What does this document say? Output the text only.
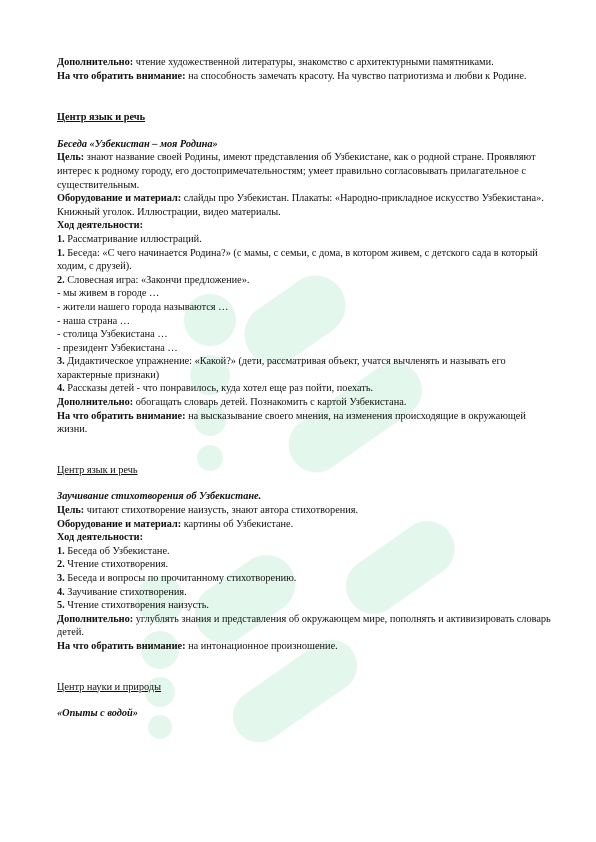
Дополнительно: чтение художественной литературы, знакомство с архитектурными памятниками.
На что обратить внимание: на способность замечать красоту. На чувство патриотизма и любви к Родине.
Центр язык и речь
Беседа «Узбекистан – моя Родина»
Цель: знают название своей Родины, имеют представления об Узбекистане, как о родной стране. Проявляют интерес к родному городу, его достопримечательностям; умеет правильно согласовывать прилагательное с существительным.
Оборудование и материал: слайды про Узбекистан. Плакаты: «Народно-прикладное искусство Узбекистана». Книжный уголок. Иллюстрации, видео материалы.
Ход деятельности:
1. Рассматривание иллюстраций.
1. Беседа: «С чего начинается Родина?» (с мамы, с семьи, с дома, в котором живем, с детского сада в который ходим, с друзей).
2. Словесная игра: «Закончи предложение».
- мы живем в городе …
- жители нашего города называются …
- наша страна …
- столица Узбекистана …
- президент Узбекистана …
3. Дидактическое упражнение: «Какой?» (дети, рассматривая объект, учатся вычленять и называть его характерные признаки)
4. Рассказы детей - что понравилось, куда хотел еще раз пойти, поехать.
Дополнительно: обогащать словарь детей. Познакомить с картой Узбекистана.
На что обратить внимание: на высказывание своего мнения, на изменения происходящие в окружающей жизни.
Центр язык и речь
Заучивание стихотворения об Узбекистане.
Цель: читают стихотворение наизусть, знают автора стихотворения.
Оборудование и материал: картины об Узбекистане.
Ход деятельности:
1. Беседа об Узбекистане.
2. Чтение стихотворения.
3. Беседа и вопросы по прочитанному стихотворению.
4. Заучивание стихотворения.
5. Чтение стихотворения наизусть.
Дополнительно: углублять знания и представления об окружающем мире, пополнять и активизировать словарь детей.
На что обратить внимание: на интонационное произношение.
Центр науки и природы
«Опыты с водой»
